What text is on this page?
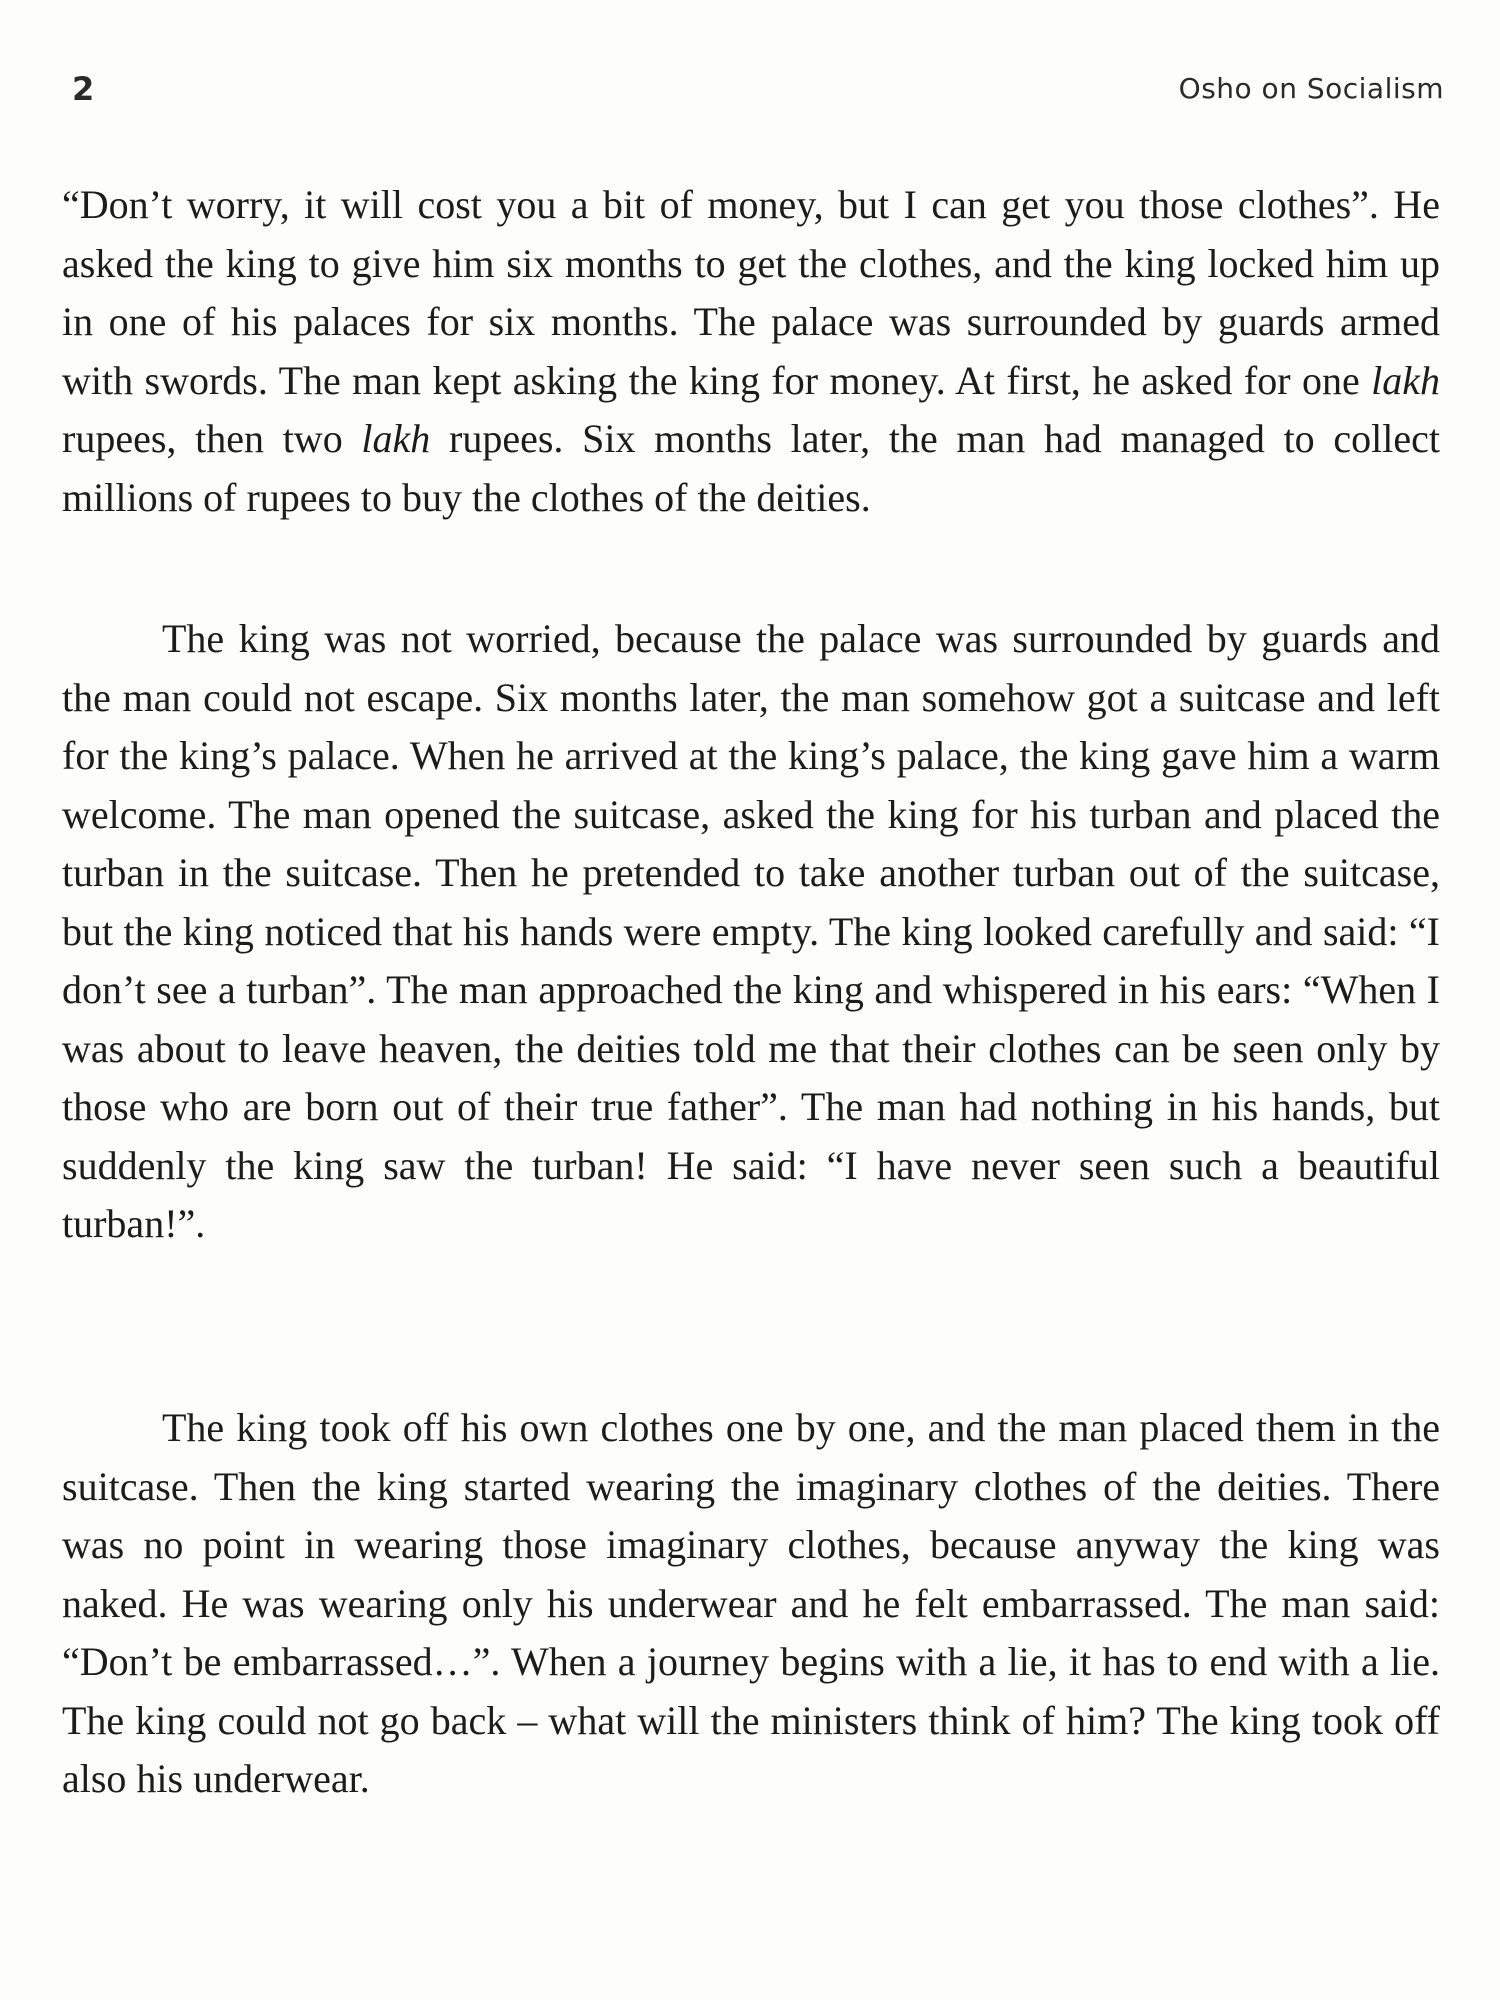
2	Osho on Socialism

“Don’t worry, it will cost you a bit of money, but I can get you those clothes”. He asked the king to give him six months to get the clothes, and the king locked him up in one of his palaces for six months. The palace was surrounded by guards armed with swords. The man kept asking the king for money. At first, he asked for one lakh rupees, then two lakh rupees. Six months later, the man had managed to collect millions of rupees to buy the clothes of the deities.

The king was not worried, because the palace was surrounded by guards and the man could not escape. Six months later, the man somehow got a suitcase and left for the king’s palace. When he arrived at the king’s palace, the king gave him a warm welcome. The man opened the suitcase, asked the king for his turban and placed the turban in the suitcase. Then he pretended to take another turban out of the suitcase, but the king noticed that his hands were empty. The king looked carefully and said: “I don’t see a turban”. The man approached the king and whispered in his ears: “When I was about to leave heaven, the deities told me that their clothes can be seen only by those who are born out of their true father”. The man had nothing in his hands, but suddenly the king saw the turban! He said: “I have never seen such a beautiful turban!”.

The king took off his own clothes one by one, and the man placed them in the suitcase. Then the king started wearing the imaginary clothes of the deities. There was no point in wearing those imaginary clothes, because anyway the king was naked. He was wearing only his underwear and he felt embarrassed. The man said: “Don’t be embarrassed…”. When a journey begins with a lie, it has to end with a lie. The king could not go back – what will the ministers think of him? The king took off also his underwear.
